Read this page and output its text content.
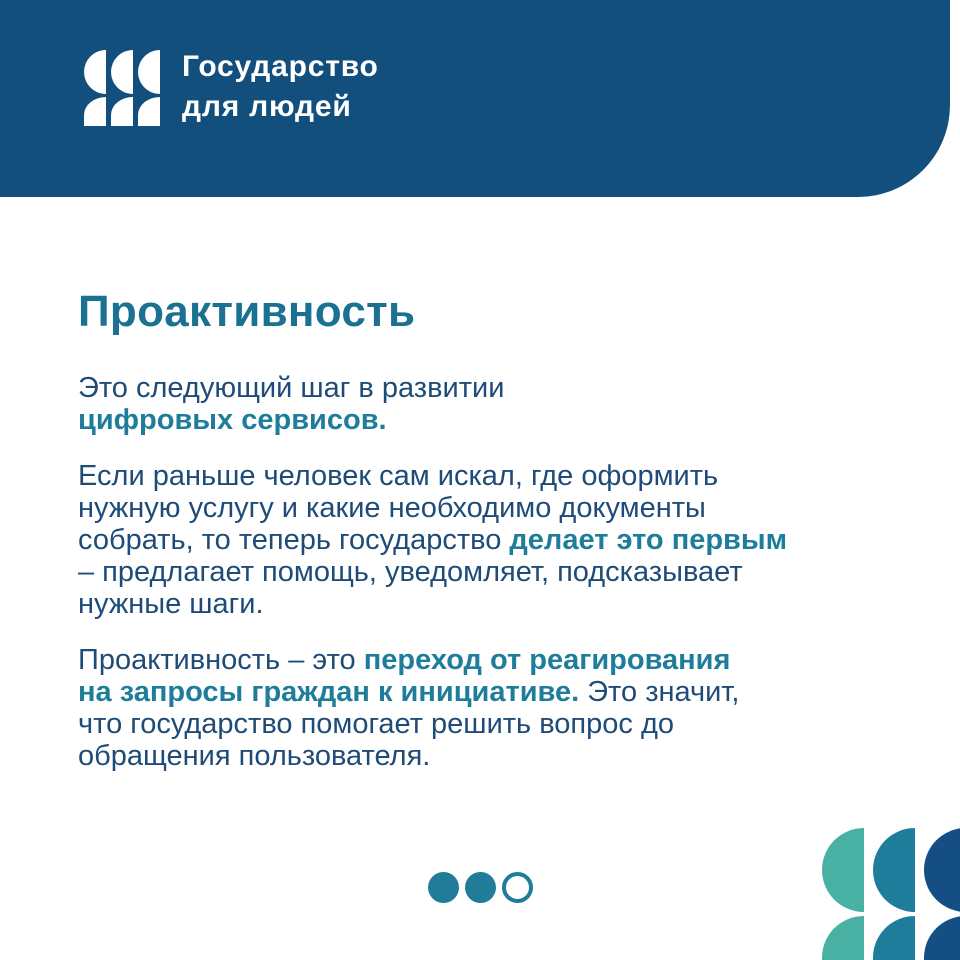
Государство
для людей
Проактивность

Это следующий шаг в развитии
цифровых сервисов.

Если раньше человек сам искал, где оформить
нужную услугу и какие необходимо документы
собрать, то теперь государство делает это первым
– предлагает помощь, уведомляет, подсказывает
нужные шаги.

Проактивность – это переход от реагирования
на запросы граждан к инициативе. Это значит,
что государство помогает решить вопрос до
обращения пользователя.
